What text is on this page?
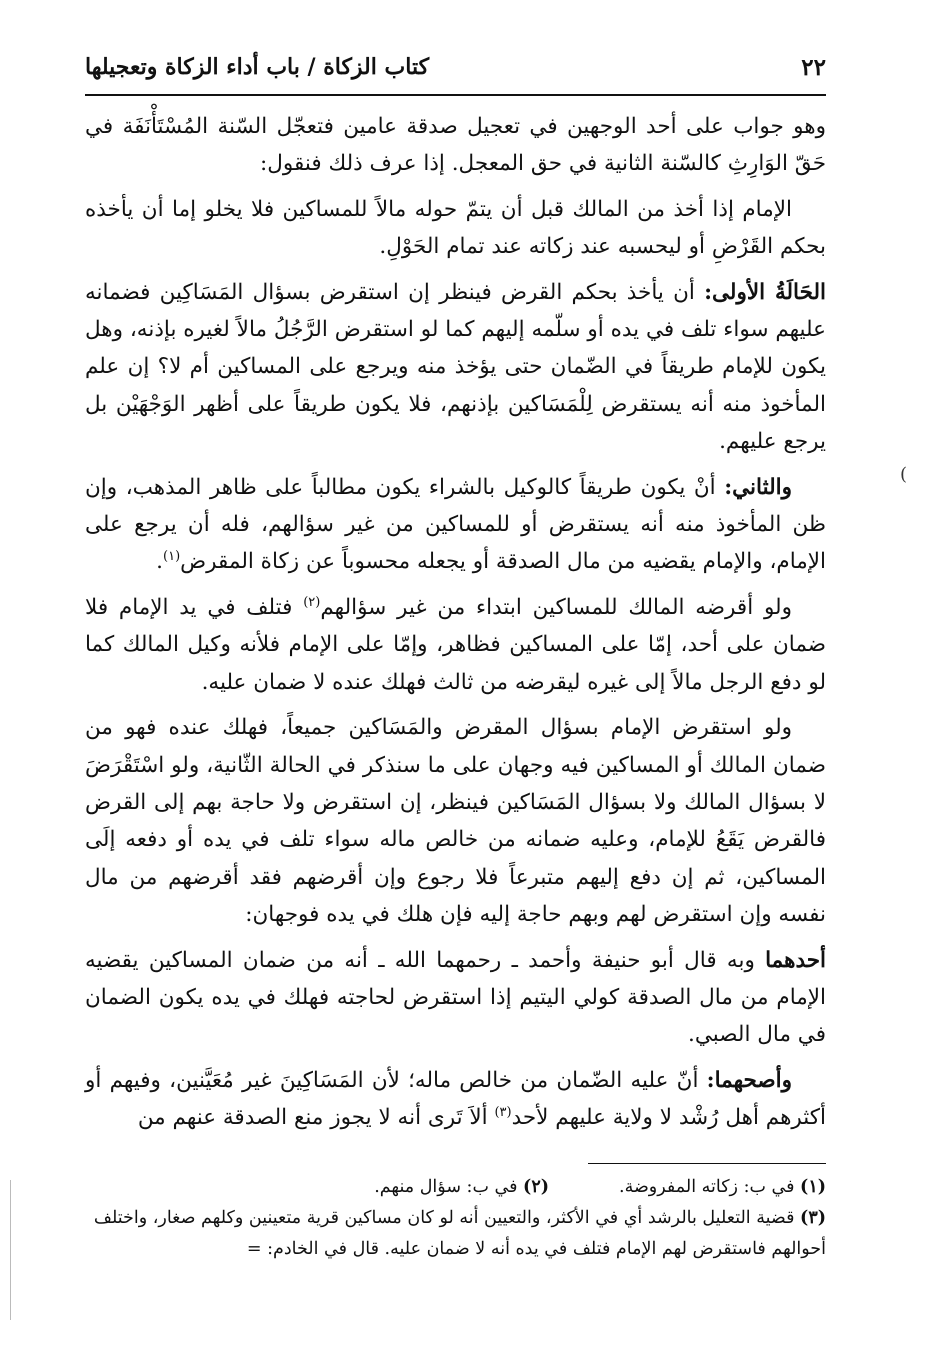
٢٢
كتاب الزكاة / باب أداء الزكاة وتعجيلها

وهو جواب على أحد الوجهين في تعجيل صدقة عامين فتعجّل السّنة المُسْتَأْنَفَة في حَقّ الوَارِثِ كالسّنة الثانية في حق المعجل. إذا عرف ذلك فنقول:

الإمام إذا أخذ من المالك قبل أن يتمّ حوله مالاً للمساكين فلا يخلو إما أن يأخذه بحكم القَرْضِ أو ليحسبه عند زكاته عند تمام الحَوْلِ.

الحَالَةُ الأولى: أن يأخذ بحكم القرض فينظر إن استقرض بسؤال المَسَاكِين فضمانه عليهم سواء تلف في يده أو سلّمه إليهم كما لو استقرض الرَّجُلُ مالاً لغيره بإذنه، وهل يكون للإمام طريقاً في الضّمان حتى يؤخذ منه ويرجع على المساكين أم لا؟ إن علم المأخوذ منه أنه يستقرض لِلْمَسَاكين بإذنهم، فلا يكون طريقاً على أظهر الوَجْهَيْن بل يرجع عليهم.

والثاني: أنْ يكون طريقاً كالوكيل بالشراء يكون مطالباً على ظاهر المذهب، وإن ظن المأخوذ منه أنه يستقرض أو للمساكين من غير سؤالهم، فله أن يرجع على الإمام، والإمام يقضيه من مال الصدقة أو يجعله محسوباً عن زكاة المقرض$^{(١)}$.

ولو أقرضه المالك للمساكين ابتداء من غير سؤالهم$^{(٢)}$ فتلف في يد الإمام فلا ضمان على أحد، إمّا على المساكين فظاهر، وإمّا على الإمام فلأنه وكيل المالك كما لو دفع الرجل مالاً إلى غيره ليقرضه من ثالث فهلك عنده لا ضمان عليه.

ولو استقرض الإمام بسؤال المقرض والمَسَاكين جميعاً، فهلك عنده فهو من ضمان المالك أو المساكين فيه وجهان على ما سنذكر في الحالة الثّانية، ولو اسْتَقْرَضَ لا بسؤال المالك ولا بسؤال المَسَاكين فينظر، إن استقرض ولا حاجة بهم إلى القرض فالقرض يَقَعُ للإمام، وعليه ضمانه من خالص ماله سواء تلف في يده أو دفعه إلَى المساكين، ثم إن دفع إليهم متبرعاً فلا رجوع وإن أقرضهم فقد أقرضهم من مال نفسه وإن استقرض لهم وبهم حاجة إليه فإن هلك في يده فوجهان:

أحدهما وبه قال أبو حنيفة وأحمد ـ رحمهما الله ـ أنه من ضمان المساكين يقضيه الإمام من مال الصدقة كولي اليتيم إذا استقرض لحاجته فهلك في يده يكون الضمان في مال الصبي.

وأصحهما: أنّ عليه الضّمان من خالص ماله؛ لأن المَسَاكِينَ غير مُعَيَّنين، وفيهم أو أكثرهم أهل رُشْد لا ولاية عليهم لأحد$^{(٣)}$ ألاَ تَرى أنه لا يجوز منع الصدقة عنهم من

(١) في ب: زكاته المفروضة.

(٢) في ب: سؤال منهم.

(٣) قضية التعليل بالرشد أي في الأكثر، والتعيين أنه لو كان مساكين قرية متعينين وكلهم صغار، واختلف أحوالهم فاستقرض لهم الإمام فتلف في يده أنه لا ضمان عليه. قال في الخادم: =

(
